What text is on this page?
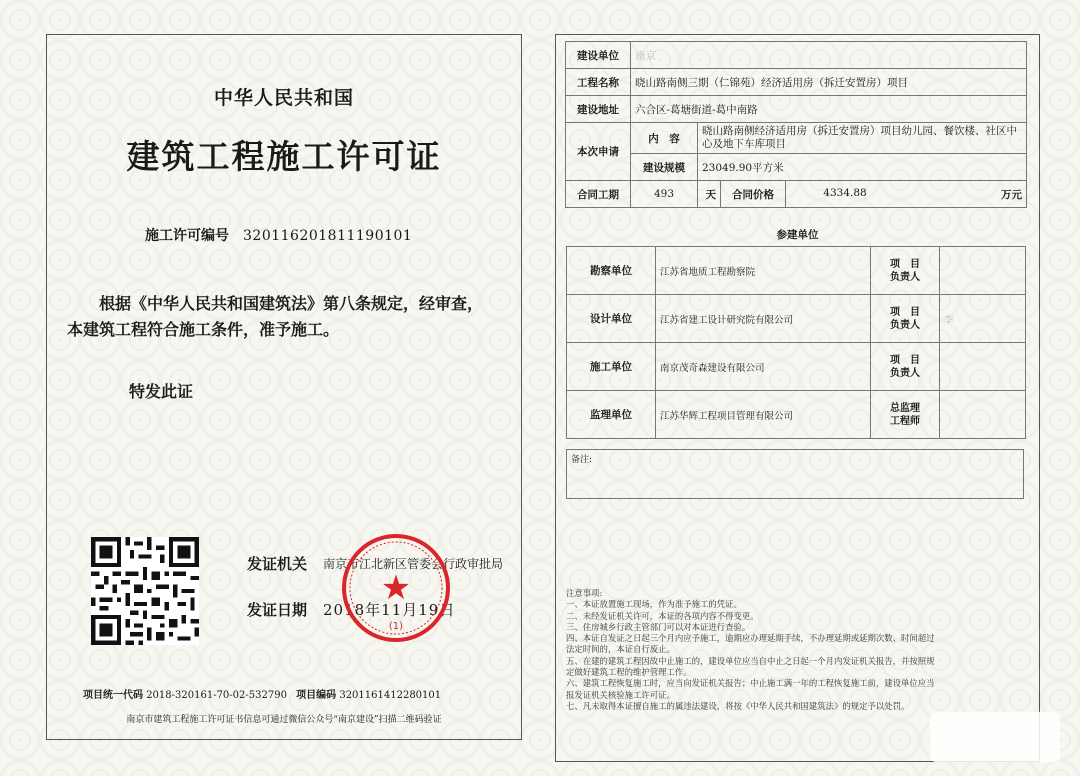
中华人民共和国
建筑工程施工许可证
施工许可编号 320116201811190101
根据《中华人民共和国建筑法》第八条规定，经审查，本建筑工程符合施工条件，准予施工。
特发此证
发证机关 南京市江北新区管委会行政审批局
发证日期 2018年11月19日
★
(1)
项目统一代码 2018-320161-70-02-532790 项目编码 3201161412280101
南京市建筑工程施工许可证书信息可通过微信公众号“南京建设”扫描二维码验证
建设单位	南京			
工程名称	晓山路南侧三期（仁锦苑）经济适用房（拆迁安置房）项目			
建设地址	六合区-葛塘街道-葛中南路			
本次申请	内　容	晓山路南侧经济适用房（拆迁安置房）项目幼儿园、餐饮楼、社区中心及地下车库项目		
	建设规模	23049.90平方米		
合同工期	493	天	合同价格	4334.88 万元
参建单位
勘察单位	江苏省地质工程勘察院	项　目
负责人	
设计单位	江苏省建工设计研究院有限公司	项　目
负责人	李
施工单位	南京茂奇森建设有限公司	项　目
负责人	
监理单位	江苏华辉工程项目管理有限公司	总监理
工程师	
备注:
注意事项:
一、本证放置施工现场，作为准予施工的凭证。
二、未经发证机关许可，本证的各项内容不得变更。
三、住房城乡行政主管部门可以对本证进行查验。
四、本证自发证之日起三个月内应予施工，逾期应办理延期手续，不办理延期或延期次数、时间超过
法定时间的，本证自行废止。
五、在建的建筑工程因故中止施工的，建设单位应当自中止之日起一个月内发证机关报告，并按照规
定做好建筑工程的维护管理工作。
六、建筑工程恢复施工时，应当向发证机关报告；中止施工满一年的工程恢复施工前，建设单位应当
报发证机关核验施工许可证。
七、凡未取得本证擅自施工的属违法建设，将按《中华人民共和国建筑法》的规定予以处罚。
